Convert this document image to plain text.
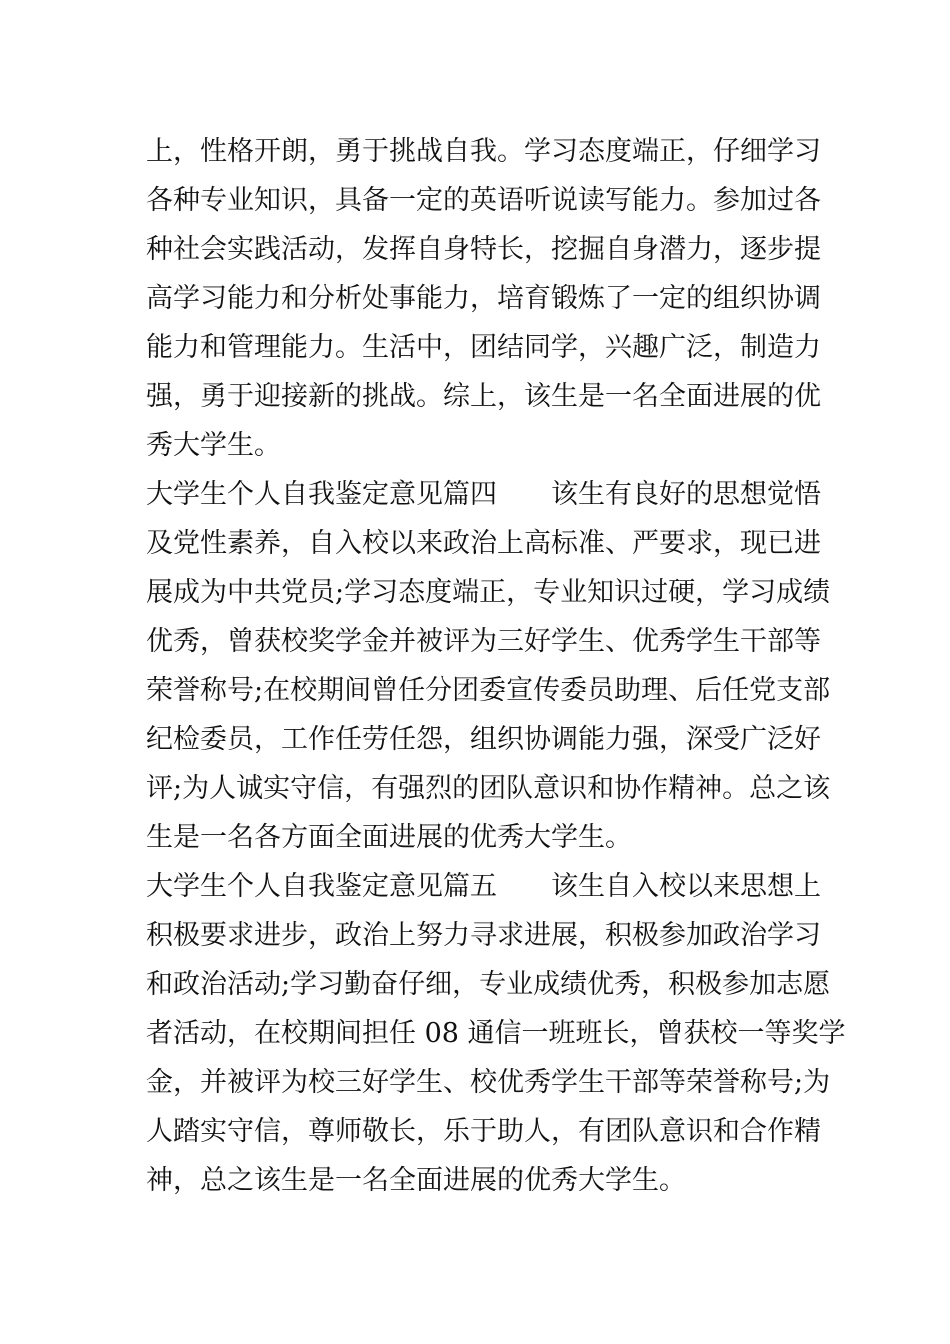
上，性格开朗，勇于挑战自我。学习态度端正，仔细学习
各种专业知识，具备一定的英语听说读写能力。参加过各
种社会实践活动，发挥自身特长，挖掘自身潜力，逐步提
高学习能力和分析处事能力，培育锻炼了一定的组织协调
能力和管理能力。生活中，团结同学，兴趣广泛，制造力
强，勇于迎接新的挑战。综上，该生是一名全面进展的优
秀大学生。
大学生个人自我鉴定意见篇四　　该生有良好的思想觉悟
及党性素养，自入校以来政治上高标准、严要求，现已进
展成为中共党员;学习态度端正，专业知识过硬，学习成绩
优秀，曾获校奖学金并被评为三好学生、优秀学生干部等
荣誉称号;在校期间曾任分团委宣传委员助理、后任党支部
纪检委员，工作任劳任怨，组织协调能力强，深受广泛好
评;为人诚实守信，有强烈的团队意识和协作精神。总之该
生是一名各方面全面进展的优秀大学生。
大学生个人自我鉴定意见篇五　　该生自入校以来思想上
积极要求进步，政治上努力寻求进展，积极参加政治学习
和政治活动;学习勤奋仔细，专业成绩优秀，积极参加志愿
者活动，在校期间担任 08 通信一班班长，曾获校一等奖学
金，并被评为校三好学生、校优秀学生干部等荣誉称号;为
人踏实守信，尊师敬长，乐于助人，有团队意识和合作精
神，总之该生是一名全面进展的优秀大学生。
